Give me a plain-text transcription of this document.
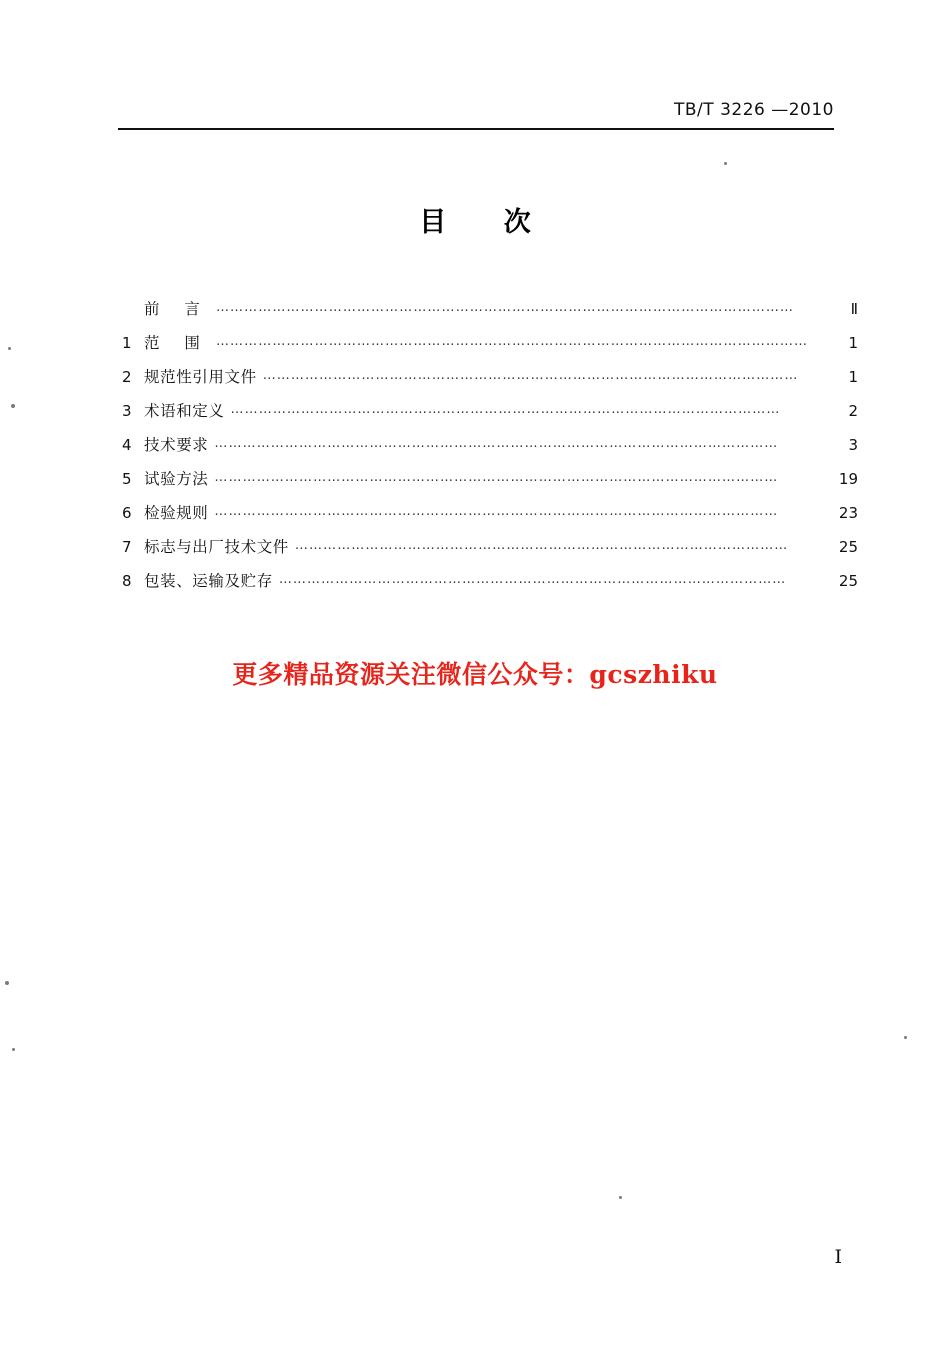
TB/T 3226 —2010
目 次
前 言 ……………………………………………………………………………………………………………	Ⅱ
1 范 围 ………………………………………………………………………………………………………………	1
2 规范性引用文件 ……………………………………………………………………………………………………	1
3 术语和定义 ………………………………………………………………………………………………………	2
4 技术要求 …………………………………………………………………………………………………………	3
5 试验方法 …………………………………………………………………………………………………………	19
6 检验规则 …………………………………………………………………………………………………………	23
7 标志与出厂技术文件 ……………………………………………………………………………………………	25
8 包装、运输及贮存 ………………………………………………………………………………………………	25
更多精品资源关注微信公众号：gcszhiku
I
